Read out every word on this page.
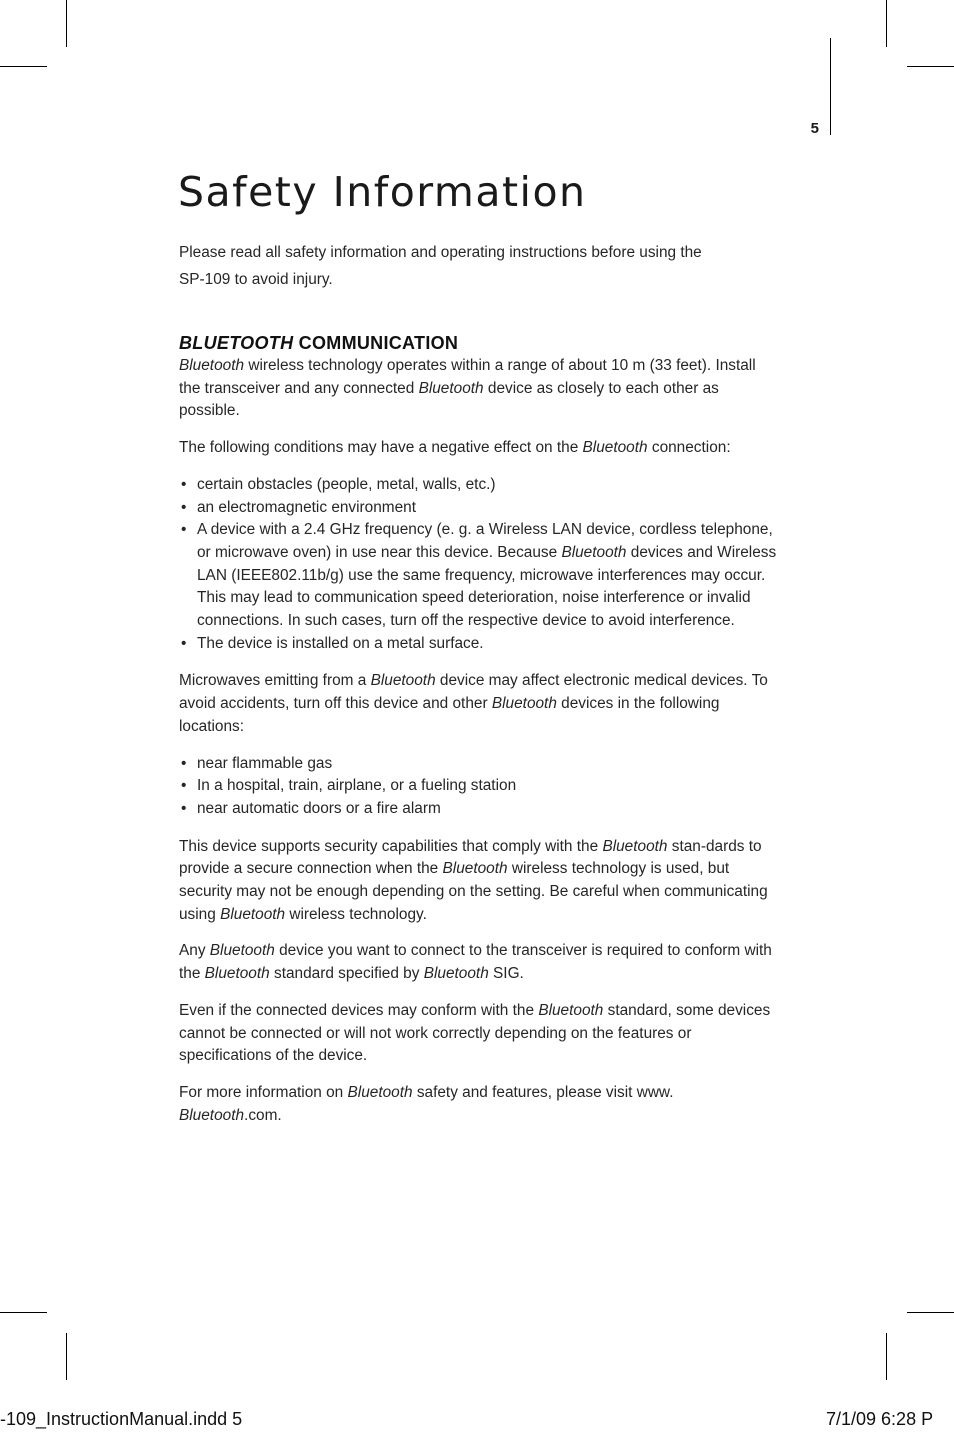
5
Safety Information

Please read all safety information and operating instructions before using the
SP-109 to avoid injury.

BLUETOOTH COMMUNICATION

Bluetooth wireless technology operates within a range of about 10 m (33 feet). Install the transceiver and any connected Bluetooth device as closely to each other as possible.

The following conditions may have a negative effect on the Bluetooth connection:

• certain obstacles (people, metal, walls, etc.)
• an electromagnetic environment
• A device with a 2.4 GHz frequency (e. g. a Wireless LAN device, cordless telephone, or microwave oven) in use near this device. Because Bluetooth devices and Wireless LAN (IEEE802.11b/g) use the same frequency, microwave interferences may occur. This may lead to communication speed deterioration, noise interference or invalid connections. In such cases, turn off the respective device to avoid interference.
• The device is installed on a metal surface.

Microwaves emitting from a Bluetooth device may affect electronic medical devices. To avoid accidents, turn off this device and other Bluetooth devices in the following locations:

• near flammable gas
• In a hospital, train, airplane, or a fueling station
• near automatic doors or a fire alarm

This device supports security capabilities that comply with the Bluetooth stan-dards to provide a secure connection when the Bluetooth wireless technology is used, but security may not be enough depending on the setting. Be careful when communicating using Bluetooth wireless technology.

Any Bluetooth device you want to connect to the transceiver is required to conform with the Bluetooth standard specified by Bluetooth SIG.

Even if the connected devices may conform with the Bluetooth standard, some devices cannot be connected or will not work correctly depending on the features or specifications of the device.

For more information on Bluetooth safety and features, please visit www.
Bluetooth.com.

-109_InstructionManual.indd 5	7/1/09 6:28 P
